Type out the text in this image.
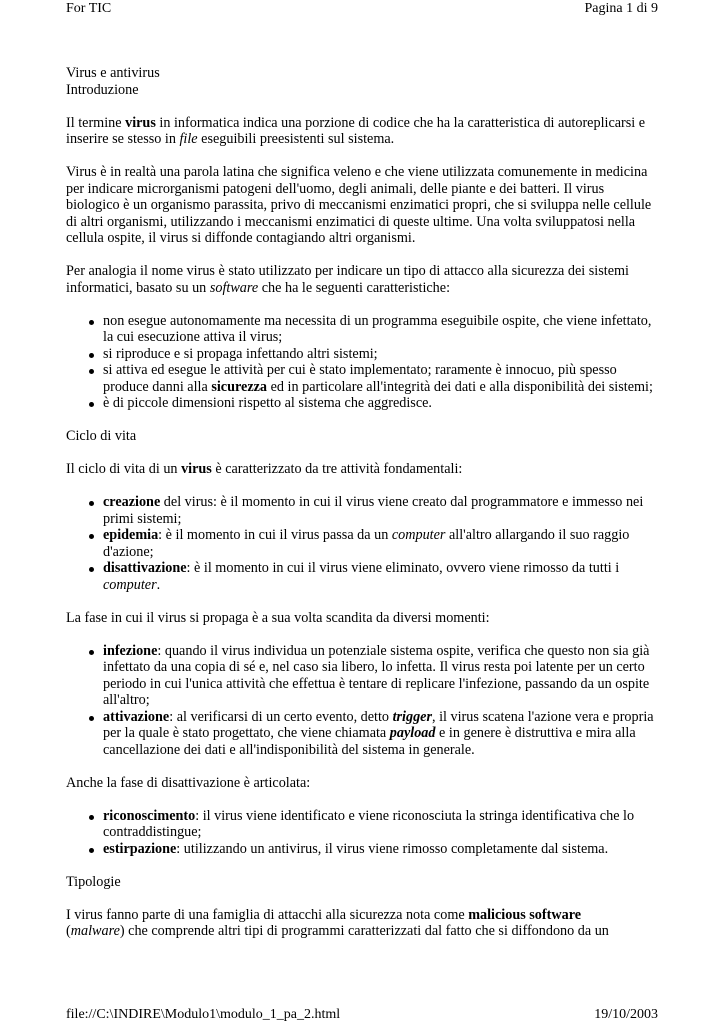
For TIC	Pagina 1 di 9

Virus e antivirus

Introduzione

Il termine virus in informatica indica una porzione di codice che ha la caratteristica di autoreplicarsi e inserire se stesso in file eseguibili preesistenti sul sistema.

Virus è in realtà una parola latina che significa veleno e che viene utilizzata comunemente in medicina per indicare microrganismi patogeni dell'uomo, degli animali, delle piante e dei batteri. Il virus biologico è un organismo parassita, privo di meccanismi enzimatici propri, che si sviluppa nelle cellule di altri organismi, utilizzando i meccanismi enzimatici di queste ultime. Una volta sviluppatosi nella cellula ospite, il virus si diffonde contagiando altri organismi.

Per analogia il nome virus è stato utilizzato per indicare un tipo di attacco alla sicurezza dei sistemi informatici, basato su un software che ha le seguenti caratteristiche:

non esegue autonomamente ma necessita di un programma eseguibile ospite, che viene infettato, la cui esecuzione attiva il virus;
si riproduce e si propaga infettando altri sistemi;
si attiva ed esegue le attività per cui è stato implementato; raramente è innocuo, più spesso produce danni alla sicurezza ed in particolare all'integrità dei dati e alla disponibilità dei sistemi;
è di piccole dimensioni rispetto al sistema che aggredisce.

Ciclo di vita

Il ciclo di vita di un virus è caratterizzato da tre attività fondamentali:

creazione del virus: è il momento in cui il virus viene creato dal programmatore e immesso nei primi sistemi;
epidemia: è il momento in cui il virus passa da un computer all'altro allargando il suo raggio d'azione;
disattivazione: è il momento in cui il virus viene eliminato, ovvero viene rimosso da tutti i computer.

La fase in cui il virus si propaga è a sua volta scandita da diversi momenti:

infezione: quando il virus individua un potenziale sistema ospite, verifica che questo non sia già infettato da una copia di sé e, nel caso sia libero, lo infetta. Il virus resta poi latente per un certo periodo in cui l'unica attività che effettua è tentare di replicare l'infezione, passando da un ospite all'altro;
attivazione: al verificarsi di un certo evento, detto trigger, il virus scatena l'azione vera e propria per la quale è stato progettato, che viene chiamata payload e in genere è distruttiva e mira alla cancellazione dei dati e all'indisponibilità del sistema in generale.

Anche la fase di disattivazione è articolata:

riconoscimento: il virus viene identificato e viene riconosciuta la stringa identificativa che lo contraddistingue;
estirpazione: utilizzando un antivirus, il virus viene rimosso completamente dal sistema.

Tipologie

I virus fanno parte di una famiglia di attacchi alla sicurezza nota come malicious software
(malware) che comprende altri tipi di programmi caratterizzati dal fatto che si diffondono da un

file://C:\INDIRE\Modulo1\modulo_1_pa_2.html	19/10/2003
